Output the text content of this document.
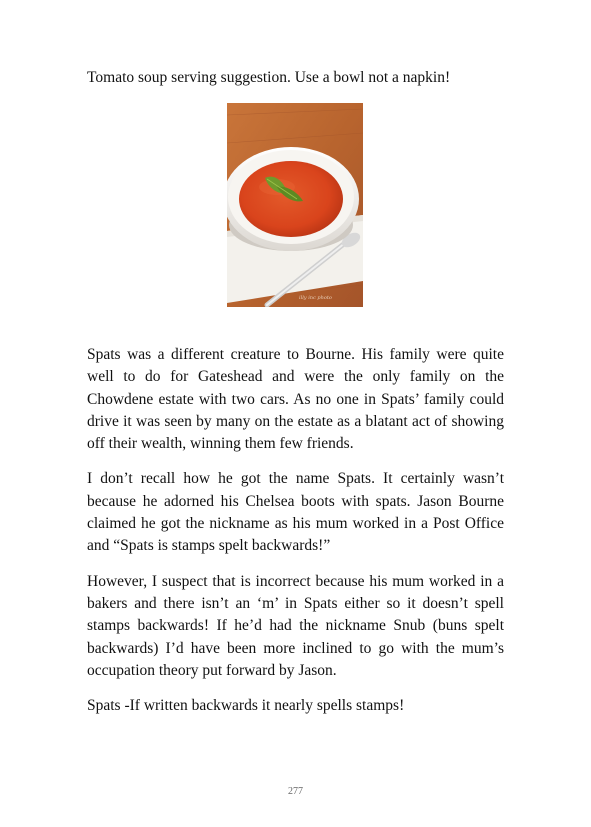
Tomato soup serving suggestion. Use a bowl not a napkin!
illy inc photo

Spats was a different creature to Bourne. His family were quite well to do for Gateshead and were the only family on the Chowdene estate with two cars. As no one in Spats’ family could drive it was seen by many on the estate as a blatant act of showing off their wealth, winning them few friends.

I don’t recall how he got the name Spats. It certainly wasn’t because he adorned his Chelsea boots with spats. Jason Bourne claimed he got the nickname as his mum worked in a Post Office and “Spats is stamps spelt backwards!”

However, I suspect that is incorrect because his mum worked in a bakers and there isn’t an ‘m’ in Spats either so it doesn’t spell stamps backwards! If he’d had the nickname Snub (buns spelt backwards) I’d have been more inclined to go with the mum’s occupation theory put forward by Jason.

Spats -If written backwards it nearly spells stamps!

277
